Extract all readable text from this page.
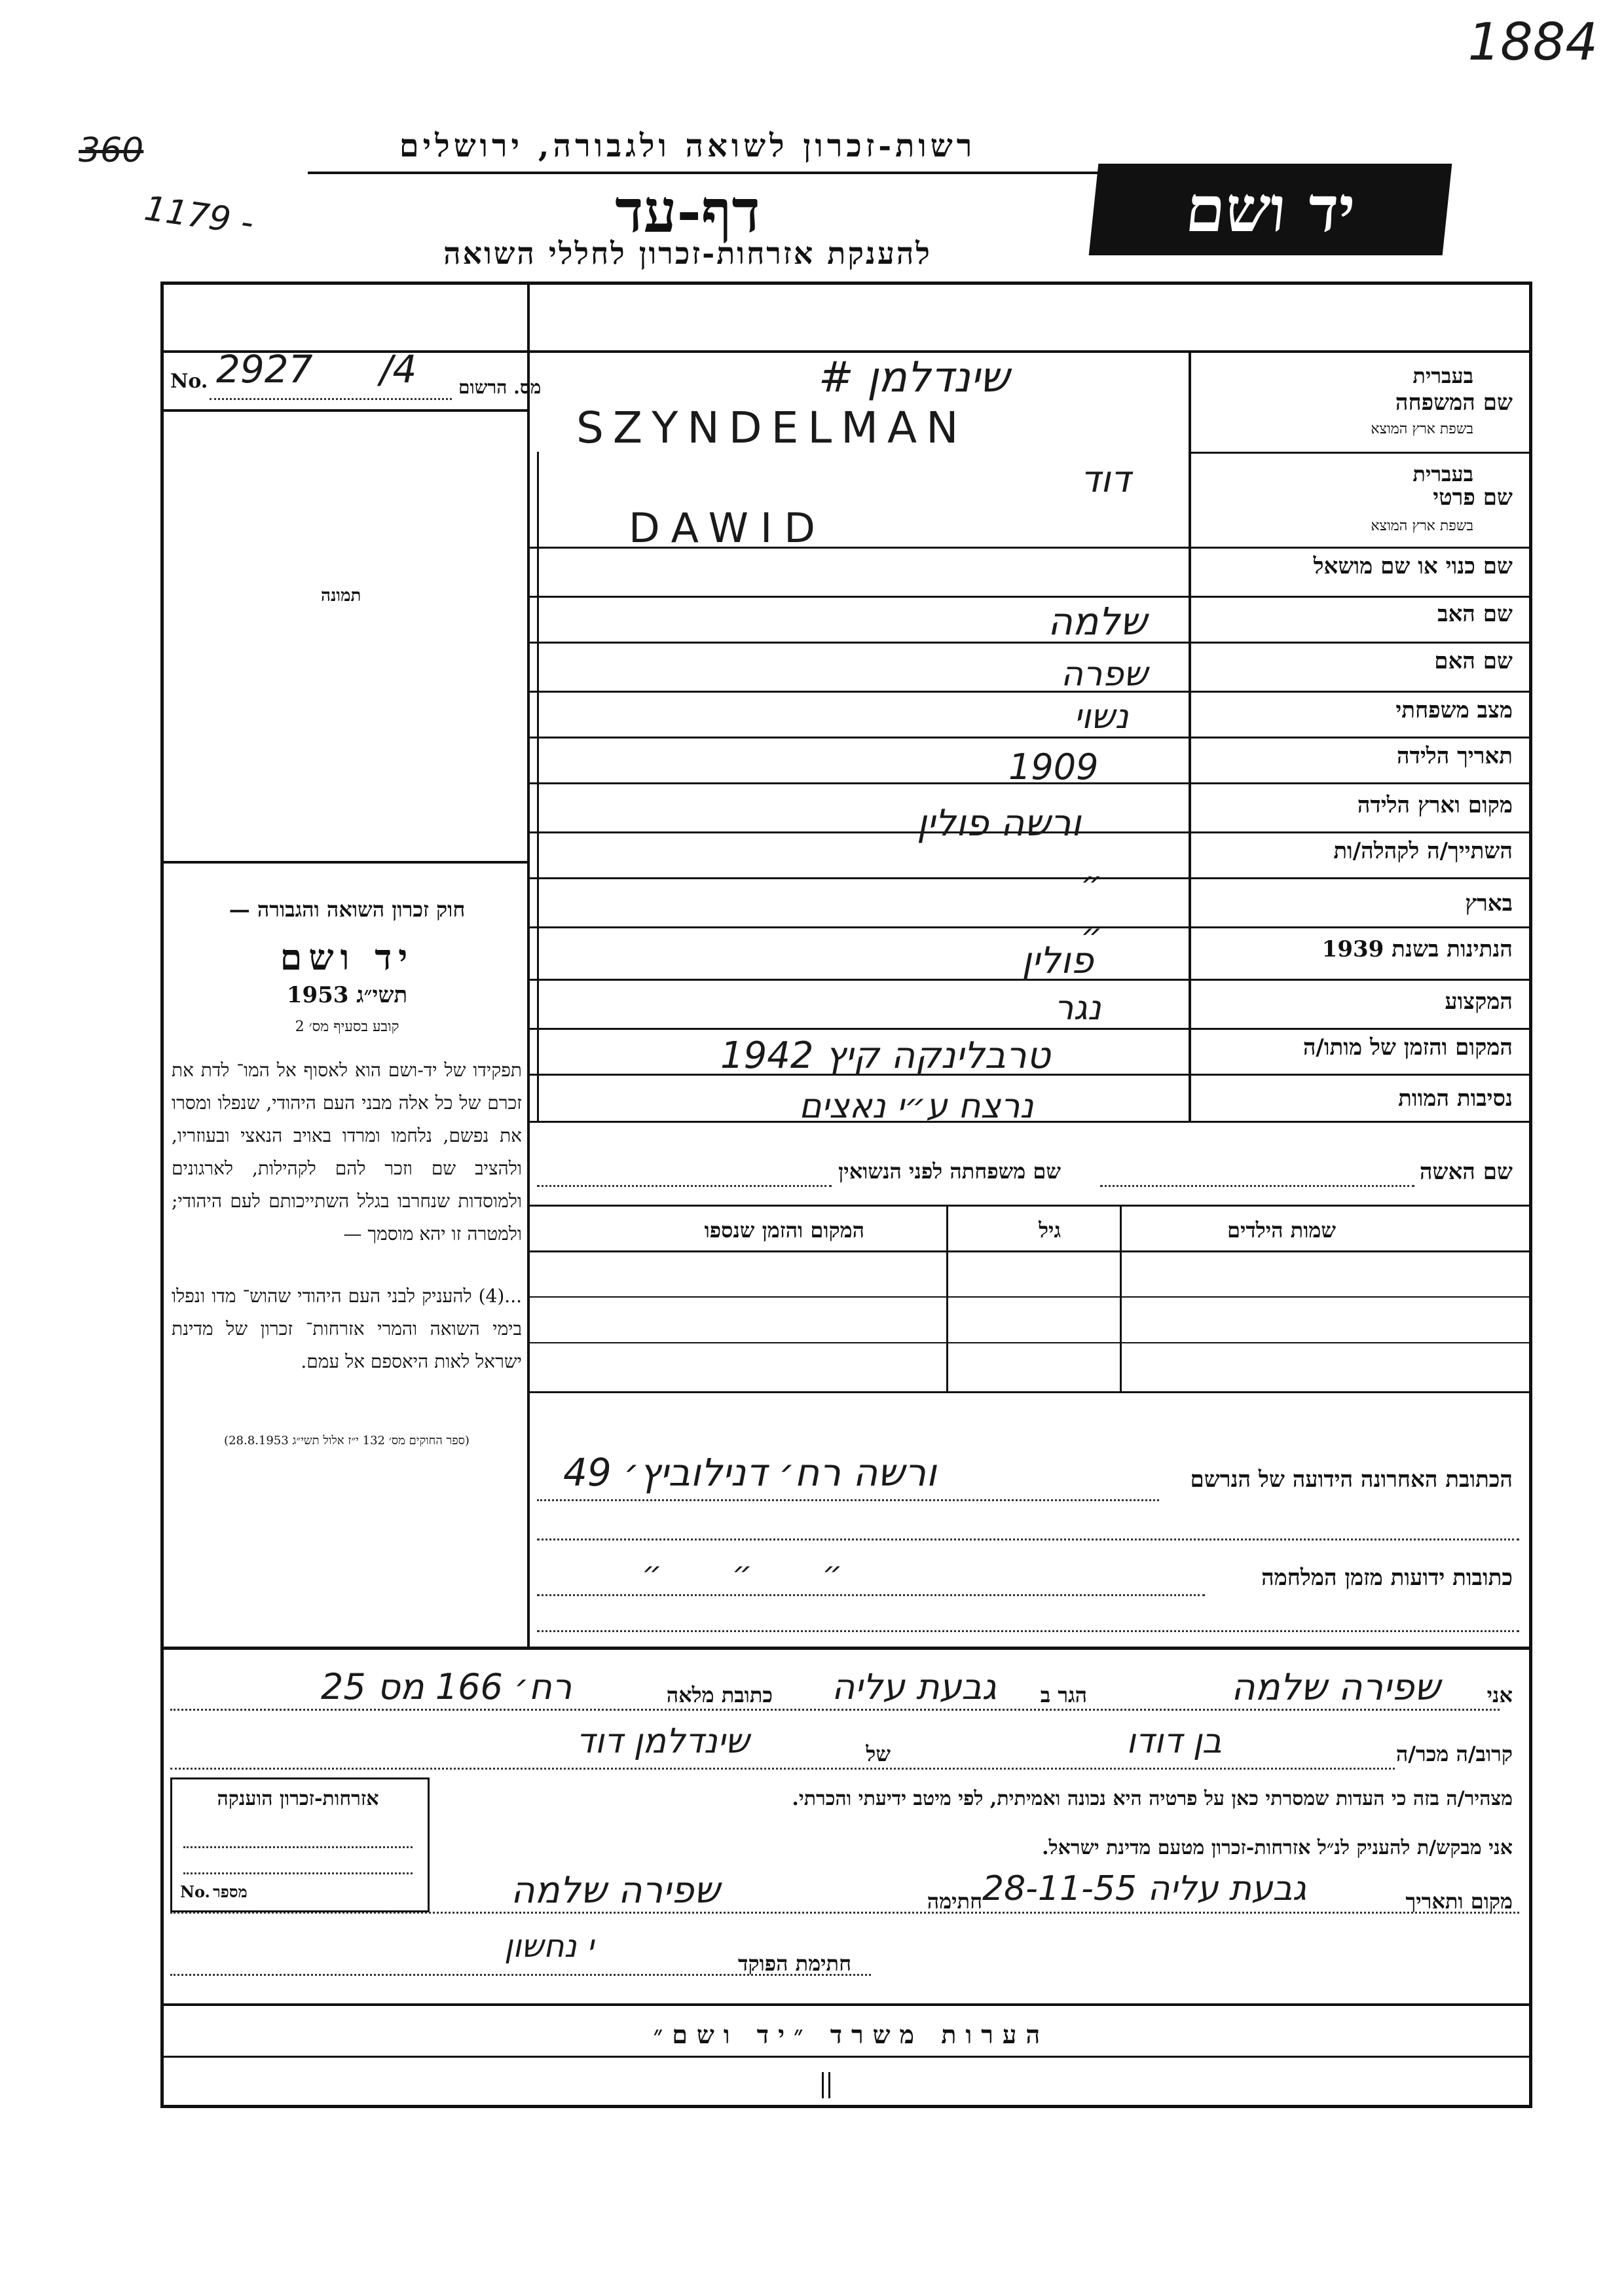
1884
360
1179 -
רשות-זכרון לשואה ולגבורה, ירושלים
דף-עד
להענקת אזרחות-זכרון לחללי השואה
יד ושם
מס. הרשום
No. 2927 /4
תמונה
חוק זכרון השואה והגבורה —
יד ושם
תשי״ג 1953
קובע בסעיף מס׳ 2
תפקידו של יד-ושם הוא לאסוף אל המו־ לדת את זכרם של כל אלה מבני העם היהודי, שנפלו ומסרו את נפשם, נלחמו ומרדו באויב הנאצי ובעוזריו, ולהציב שם וזכר להם לקהילות, לארגונים ולמוסדות שנחרבו בגלל השתייכותם לעם היהודי; ולמטרה זו יהא מוסמך —
...(4) להעניק לבני העם היהודי שהוש־ מדו ונפלו בימי השואה והמרי אזרחות־ זכרון של מדינת ישראל לאות היאספם אל עמם.
(ספר החוקים מס׳ 132 י״ז אלול תשי״ג 28.8.1953)
בעברית
שם המשפחה
בשפת ארץ המוצא
בעברית
שם פרטי
בשפת ארץ המוצא
שם כנוי או שם מושאל
שם האב
שם האם
מצב משפחתי
תאריך הלידה
מקום וארץ הלידה
השתייך/ה לקהלה/ות
בארץ
הנתינות בשנת 1939
המקצוע
המקום והזמן של מותו/ה
נסיבות המוות
שינדלמן #
SZYNDELMAN
דוד
DAWID
שלמה
שפרה
נשוי
1909
ורשה פולין
״
״
פולין
נגר
טרבלינקה קיץ 1942
נרצח ע״י נאצים
שם האשה
שם משפחתה לפני הנשואין
שמות הילדים
גיל
המקום והזמן שנספו
הכתובת האחרונה הידועה של הנרשם
ורשה רח׳ דנילוביץ׳ 49
כתובות ידועות מזמן המלחמה
״       ״       ״
אני
שפירה שלמה
הגר ב
גבעת עליה
כתובת מלאה
רח׳ 166 מס 25
קרוב/ה מכר/ה
בן דודו
של
שינדלמן דוד
מצהיר/ה בזה כי העדות שמסרתי כאן על פרטיה היא נכונה ואמיתית, לפי מיטב ידיעתי והכרתי.
אני מבקש/ת להעניק לנ״ל אזרחות-זכרון מטעם מדינת ישראל.
מקום ותאריך
גבעת עליה 28-11-55
חתימה
שפירה שלמה
חתימת הפוקד
י נחשון
אזרחות-זכרון הוענקה
No. מספר
הערות משרד ״יד ושם״
